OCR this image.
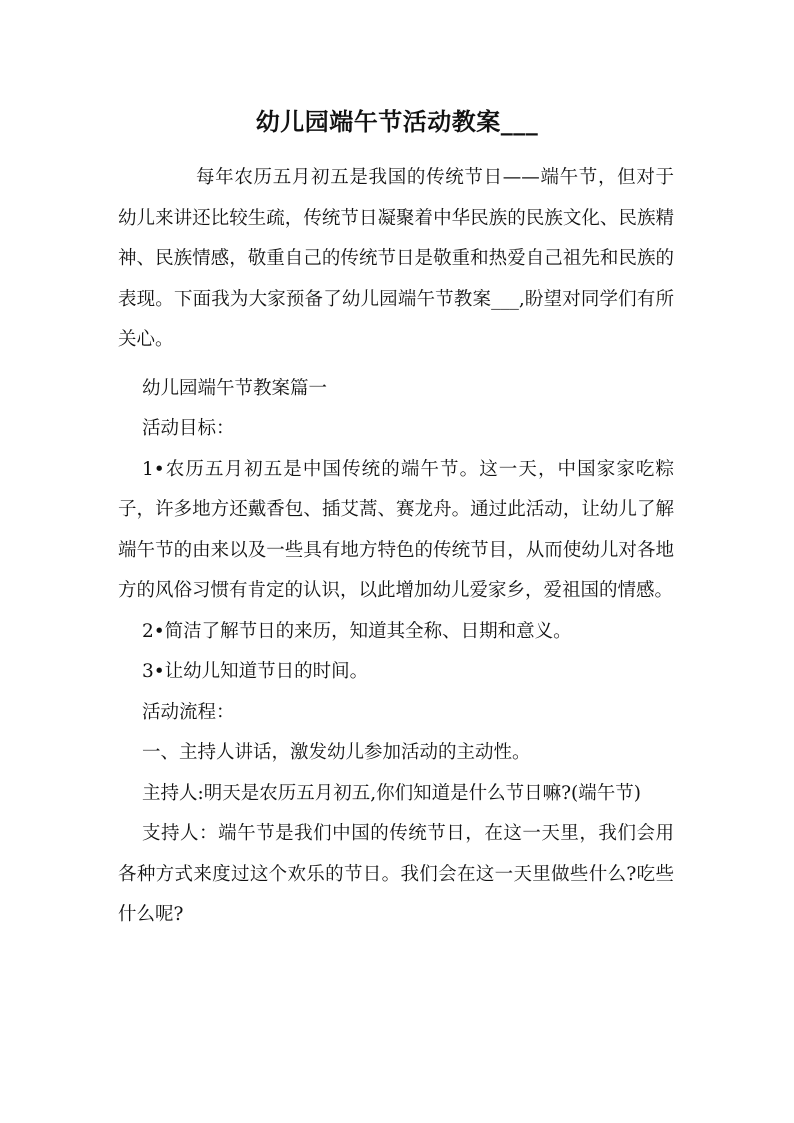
幼儿园端午节活动教案___

每年农历五月初五是我国的传统节日——端午节，但对于幼儿来讲还比较生疏，传统节日凝聚着中华民族的民族文化、民族精神、民族情感，敬重自己的传统节日是敬重和热爱自己祖先和民族的表现。下面我为大家预备了幼儿园端午节教案___,盼望对同学们有所关心。

幼儿园端午节教案篇一

活动目标：

1•农历五月初五是中国传统的端午节。这一天，中国家家吃粽子，许多地方还戴香包、插艾蒿、赛龙舟。通过此活动，让幼儿了解端午节的由来以及一些具有地方特色的传统节目，从而使幼儿对各地方的风俗习惯有肯定的认识，以此增加幼儿爱家乡，爱祖国的情感。

2•简洁了解节日的来历，知道其全称、日期和意义。

3•让幼儿知道节日的时间。

活动流程：

一、主持人讲话，激发幼儿参加活动的主动性。

主持人:明天是农历五月初五,你们知道是什么节日嘛?(端午节)

支持人：端午节是我们中国的传统节日，在这一天里，我们会用各种方式来度过这个欢乐的节日。我们会在这一天里做些什么?吃些什么呢?
